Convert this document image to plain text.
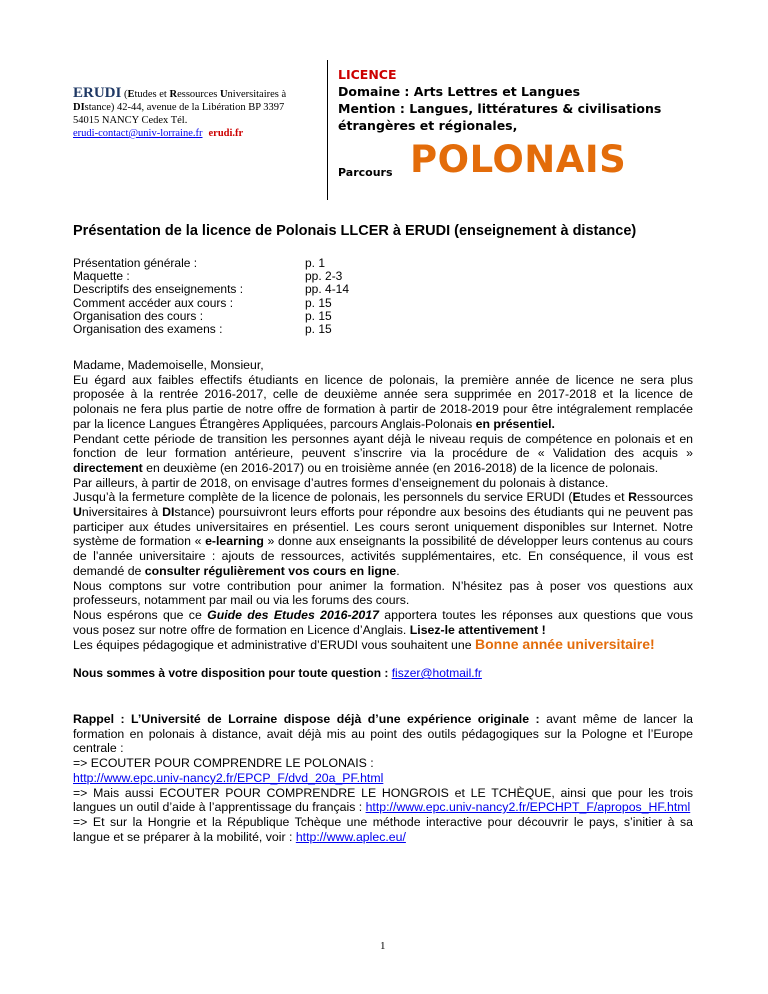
ERUDI (Etudes et Ressources Universitaires à
DIstance) 42-44, avenue de la Libération BP 3397
54015 NANCY Cedex Tél.
erudi-contact@univ-lorraine.fr erudi.fr
LICENCE
Domaine : Arts Lettres et Langues
Mention : Langues, littératures & civilisations
étrangères et régionales,
Parcours POLONAIS
Présentation de la licence de Polonais LLCER à ERUDI (enseignement à distance)
Présentation générale :	p. 1
Maquette :	pp. 2-3
Descriptifs des enseignements :	pp. 4-14
Comment accéder aux cours :	p. 15
Organisation des cours :	p. 15
Organisation des examens :	p. 15

Madame, Mademoiselle, Monsieur,

Eu égard aux faibles effectifs étudiants en licence de polonais, la première année de licence ne sera plus proposée à la rentrée 2016-2017, celle de deuxième année sera supprimée en 2017-2018 et la licence de polonais ne fera plus partie de notre offre de formation à partir de 2018-2019 pour être intégralement remplacée par la licence Langues Étrangères Appliquées, parcours Anglais-Polonais en présentiel.

Pendant cette période de transition les personnes ayant déjà le niveau requis de compétence en polonais et en fonction de leur formation antérieure, peuvent s’inscrire via la procédure de « Validation des acquis » directement en deuxième (en 2016-2017) ou en troisième année (en 2016-2018) de la licence de polonais.

Par ailleurs, à partir de 2018, on envisage d’autres formes d’enseignement du polonais à distance.

Jusqu’à la fermeture complète de la licence de polonais, les personnels du service ERUDI (Etudes et Ressources Universitaires à DIstance) poursuivront leurs efforts pour répondre aux besoins des étudiants qui ne peuvent pas participer aux études universitaires en présentiel. Les cours seront uniquement disponibles sur Internet. Notre système de formation « e-learning » donne aux enseignants la possibilité de développer leurs contenus au cours de l’année universitaire : ajouts de ressources, activités supplémentaires, etc. En conséquence, il vous est demandé de consulter régulièrement vos cours en ligne.

Nous comptons sur votre contribution pour animer la formation. N’hésitez pas à poser vos questions aux professeurs, notamment par mail ou via les forums des cours.

Nous espérons que ce Guide des Etudes 2016-2017 apportera toutes les réponses aux questions que vous vous posez sur notre offre de formation en Licence d’Anglais. Lisez-le attentivement !

Les équipes pédagogique et administrative d’ERUDI vous souhaitent une Bonne année universitaire!

Nous sommes à votre disposition pour toute question : fiszer@hotmail.fr

Rappel : L’Université de Lorraine dispose déjà d’une expérience originale : avant même de lancer la formation en polonais à distance, avait déjà mis au point des outils pédagogiques sur la Pologne et l’Europe centrale :

=> ECOUTER POUR COMPRENDRE LE POLONAIS :

http://www.epc.univ-nancy2.fr/EPCP_F/dvd_20a_PF.html

=> Mais aussi ECOUTER POUR COMPRENDRE LE HONGROIS et LE TCHÈQUE, ainsi que pour les trois langues un outil d’aide à l’apprentissage du français : http://www.epc.univ-nancy2.fr/EPCHPT_F/apropos_HF.html

=> Et sur la Hongrie et la République Tchèque une méthode interactive pour découvrir le pays, s’initier à sa langue et se préparer à la mobilité, voir : http://www.aplec.eu/

1
